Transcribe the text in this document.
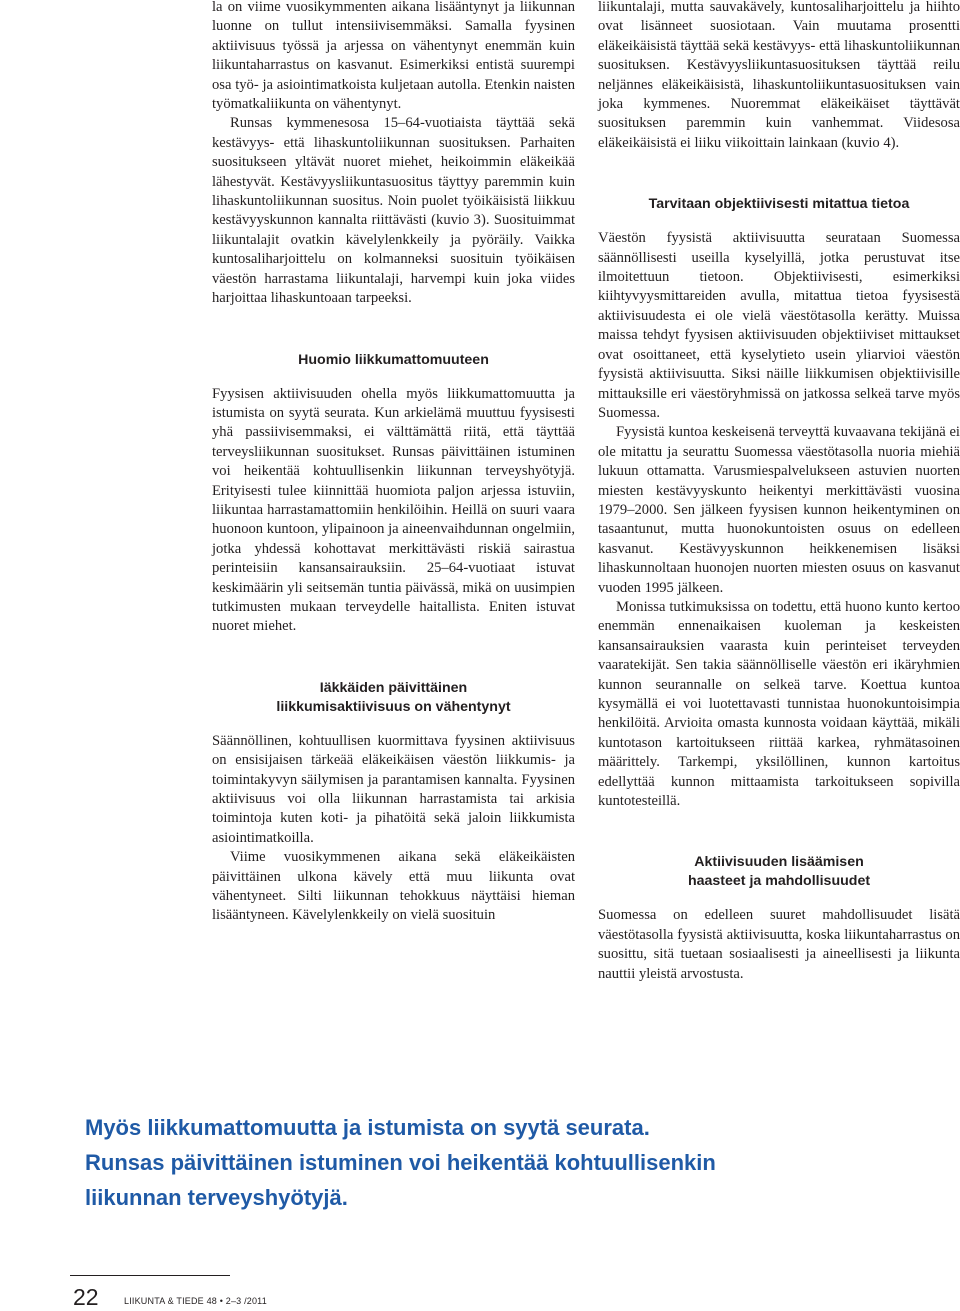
la on viime vuosikymmenten aikana lisääntynyt ja liikunnan luonne on tullut intensiivisemmäksi. Samalla fyysinen aktiivisuus työssä ja arjessa on vähentynyt enemmän kuin liikuntaharrastus on kasvanut. Esimerkiksi entistä suurempi osa työ- ja asiointimatkoista kuljetaan autolla. Etenkin naisten työmatkaliikunta on vähentynyt.

Runsas kymmenesosa 15–64-vuotiaista täyttää sekä kestävyys- että lihaskuntoliikunnan suosituksen. Parhaiten suositukseen yltävät nuoret miehet, heikoimmin eläkeikää lähestyvät. Kestävyysliikuntasuositus täyttyy paremmin kuin lihaskuntoliikunnan suositus. Noin puolet työikäisistä liikkuu kestävyyskunnon kannalta riittävästi (kuvio 3). Suosituimmat liikuntalajit ovatkin kävelylenkkeily ja pyöräily. Vaikka kuntosaliharjoittelu on kolmanneksi suosituin työikäisen väestön harrastama liikuntalaji, harvempi kuin joka viides harjoittaa lihaskuntoaan tarpeeksi.

Huomio liikkumattomuuteen

Fyysisen aktiivisuuden ohella myös liikkumattomuutta ja istumista on syytä seurata. Kun arkielämä muuttuu fyysisesti yhä passiivisemmaksi, ei välttämättä riitä, että täyttää terveysliikunnan suositukset. Runsas päivittäinen istuminen voi heikentää kohtuullisenkin liikunnan terveyshyötyjä. Erityisesti tulee kiinnittää huomiota paljon arjessa istuviin, liikuntaa harrastamattomiin henkilöihin. Heillä on suuri vaara huonoon kuntoon, ylipainoon ja aineenvaihdunnan ongelmiin, jotka yhdessä kohottavat merkittävästi riskiä sairastua perinteisiin kansansairauksiin. 25–64-vuotiaat istuvat keskimäärin yli seitsemän tuntia päivässä, mikä on uusimpien tutkimusten mukaan terveydelle haitallista. Eniten istuvat nuoret miehet.

Iäkkäiden päivittäinen
liikkumisaktiivisuus on vähentynyt

Säännöllinen, kohtuullisen kuormittava fyysinen aktiivisuus on ensisijaisen tärkeää eläkeikäisen väestön liikkumis- ja toimintakyvyn säilymisen ja parantamisen kannalta. Fyysinen aktiivisuus voi olla liikunnan harrastamista tai arkisia toimintoja kuten koti- ja pihatöitä sekä jaloin liikkumista asiointimatkoilla.

Viime vuosikymmenen aikana sekä eläkeikäisten päivittäinen ulkona kävely että muu liikunta ovat vähentyneet. Silti liikunnan tehokkuus näyttäisi hieman lisääntyneen. Kävelylenkkeily on vielä suosituin

liikuntalaji, mutta sauvakävely, kuntosaliharjoittelu ja hiihto ovat lisänneet suosiotaan. Vain muutama prosentti eläkeikäisistä täyttää sekä kestävyys- että lihaskuntoliikunnan suosituksen. Kestävyysliikuntasuosituksen täyttää reilu neljännes eläkeikäisistä, lihaskuntoliikuntasuosituksen vain joka kymmenes. Nuoremmat eläkeikäiset täyttävät suosituksen paremmin kuin vanhemmat. Viidesosa eläkeikäisistä ei liiku viikoittain lainkaan (kuvio 4).

Tarvitaan objektiivisesti mitattua tietoa

Väestön fyysistä aktiivisuutta seurataan Suomessa säännöllisesti useilla kyselyillä, jotka perustuvat itse ilmoitettuun tietoon. Objektiivisesti, esimerkiksi kiihtyvyysmittareiden avulla, mitattua tietoa fyysisestä aktiivisuudesta ei ole vielä väestötasolla kerätty. Muissa maissa tehdyt fyysisen aktiivisuuden objektiiviset mittaukset ovat osoittaneet, että kyselytieto usein yliarvioi väestön fyysistä aktiivisuutta. Siksi näille liikkumisen objektiivisille mittauksille eri väestöryhmissä on jatkossa selkeä tarve myös Suomessa.

Fyysistä kuntoa keskeisenä terveyttä kuvaavana tekijänä ei ole mitattu ja seurattu Suomessa väestötasolla nuoria miehiä lukuun ottamatta. Varusmiespalvelukseen astuvien nuorten miesten kestävyyskunto heikentyi merkittävästi vuosina 1979–2000. Sen jälkeen fyysisen kunnon heikentyminen on tasaantunut, mutta huonokuntoisten osuus on edelleen kasvanut. Kestävyyskunnon heikkenemisen lisäksi lihaskunnoltaan huonojen nuorten miesten osuus on kasvanut vuoden 1995 jälkeen.

Monissa tutkimuksissa on todettu, että huono kunto kertoo enemmän ennenaikaisen kuoleman ja keskeisten kansansairauksien vaarasta kuin perinteiset terveyden vaaratekijät. Sen takia säännölliselle väestön eri ikäryhmien kunnon seurannalle on selkeä tarve. Koettua kuntoa kysymällä ei voi luotettavasti tunnistaa huonokuntoisimpia henkilöitä. Arvioita omasta kunnosta voidaan käyttää, mikäli kuntotason kartoitukseen riittää karkea, ryhmätasoinen määrittely. Tarkempi, yksilöllinen, kunnon kartoitus edellyttää kunnon mittaamista tarkoitukseen sopivilla kuntotesteillä.

Aktiivisuuden lisäämisen
haasteet ja mahdollisuudet

Suomessa on edelleen suuret mahdollisuudet lisätä väestötasolla fyysistä aktiivisuutta, koska liikuntaharrastus on suosittu, sitä tuetaan sosiaalisesti ja aineellisesti ja liikunta nauttii yleistä arvostusta.

Myös liikkumattomuutta ja istumista on syytä seurata.
Runsas päivittäinen istuminen voi heikentää kohtuullisenkin
liikunnan terveyshyötyjä.
22	LIIKUNTA & TIEDE 48 • 2–3 /2011
